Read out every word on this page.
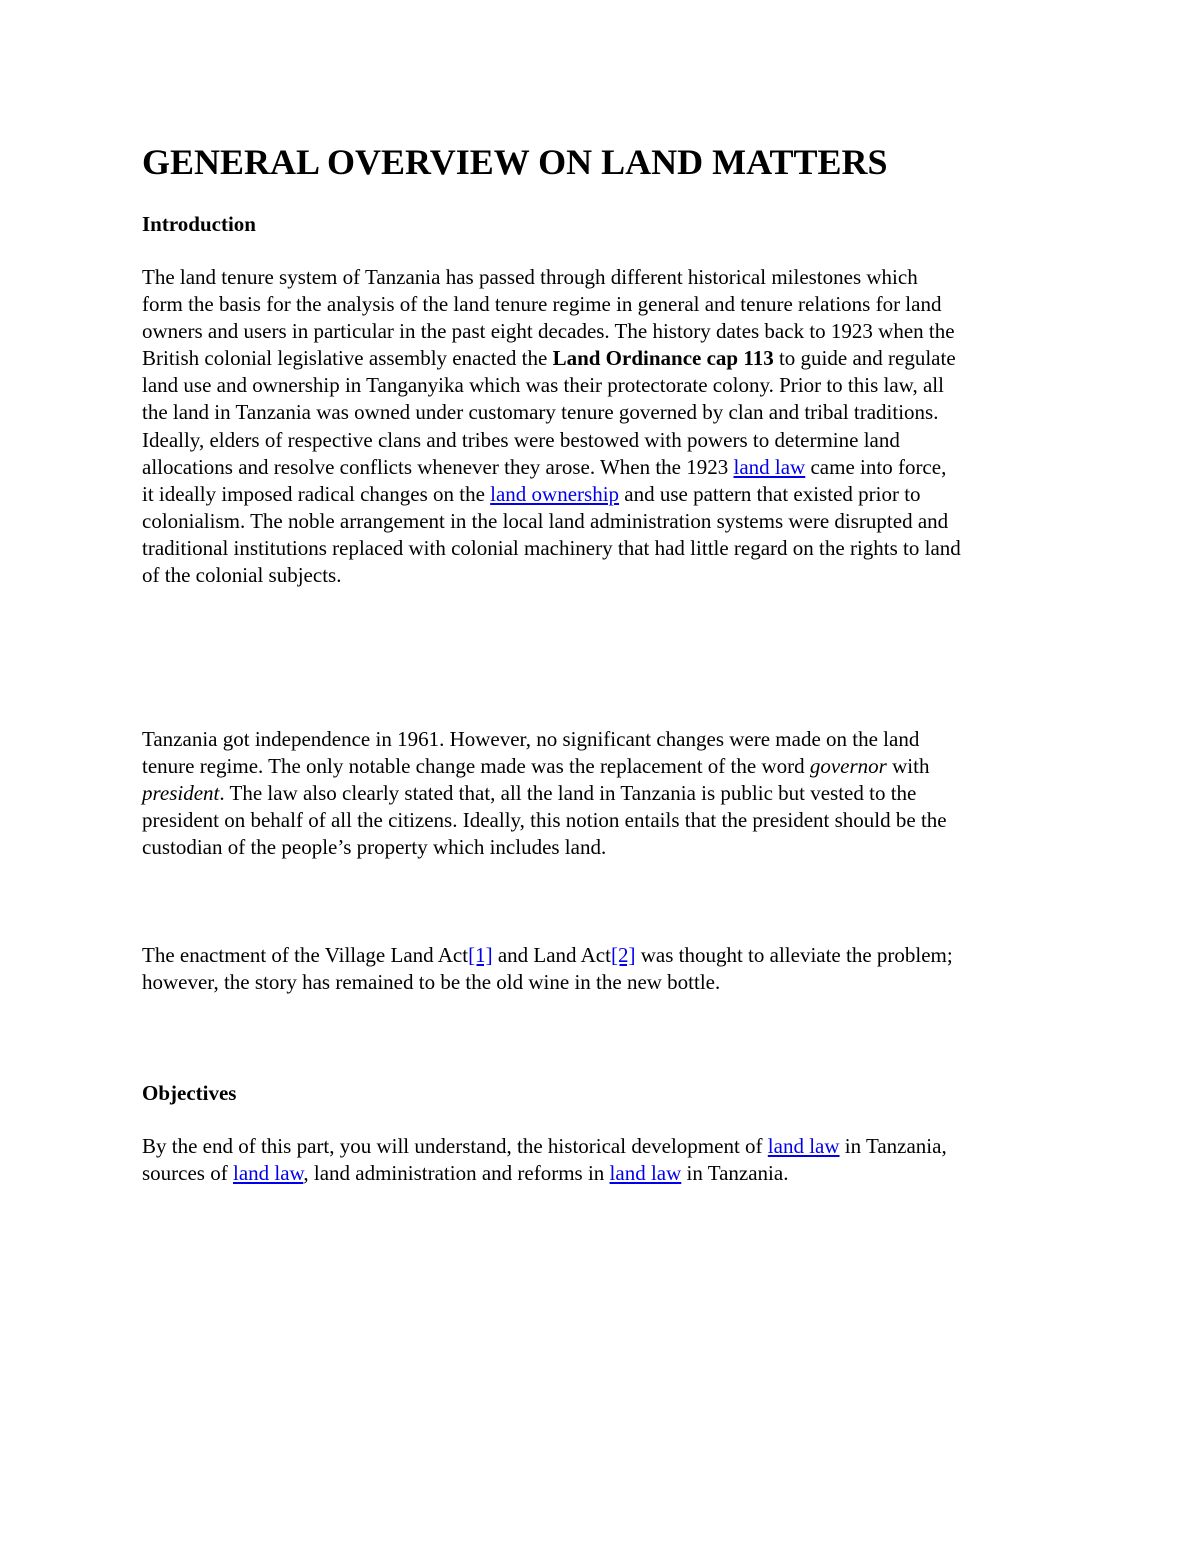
GENERAL OVERVIEW ON LAND MATTERS
Introduction

The land tenure system of Tanzania has passed through different historical milestones which
form the basis for the analysis of the land tenure regime in general and tenure relations for land
owners and users in particular in the past eight decades. The history dates back to 1923 when the
British colonial legislative assembly enacted the Land Ordinance cap 113 to guide and regulate
land use and ownership in Tanganyika which was their protectorate colony. Prior to this law, all
the land in Tanzania was owned under customary tenure governed by clan and tribal traditions.
Ideally, elders of respective clans and tribes were bestowed with powers to determine land
allocations and resolve conflicts whenever they arose. When the 1923 land law came into force,
it ideally imposed radical changes on the land ownership and use pattern that existed prior to
colonialism. The noble arrangement in the local land administration systems were disrupted and
traditional institutions replaced with colonial machinery that had little regard on the rights to land
of the colonial subjects.

Tanzania got independence in 1961. However, no significant changes were made on the land
tenure regime. The only notable change made was the replacement of the word governor with
president. The law also clearly stated that, all the land in Tanzania is public but vested to the
president on behalf of all the citizens. Ideally, this notion entails that the president should be the
custodian of the people’s property which includes land.

The enactment of the Village Land Act[1] and Land Act[2] was thought to alleviate the problem;
however, the story has remained to be the old wine in the new bottle.

Objectives

By the end of this part, you will understand, the historical development of land law in Tanzania,
sources of land law, land administration and reforms in land law in Tanzania.
